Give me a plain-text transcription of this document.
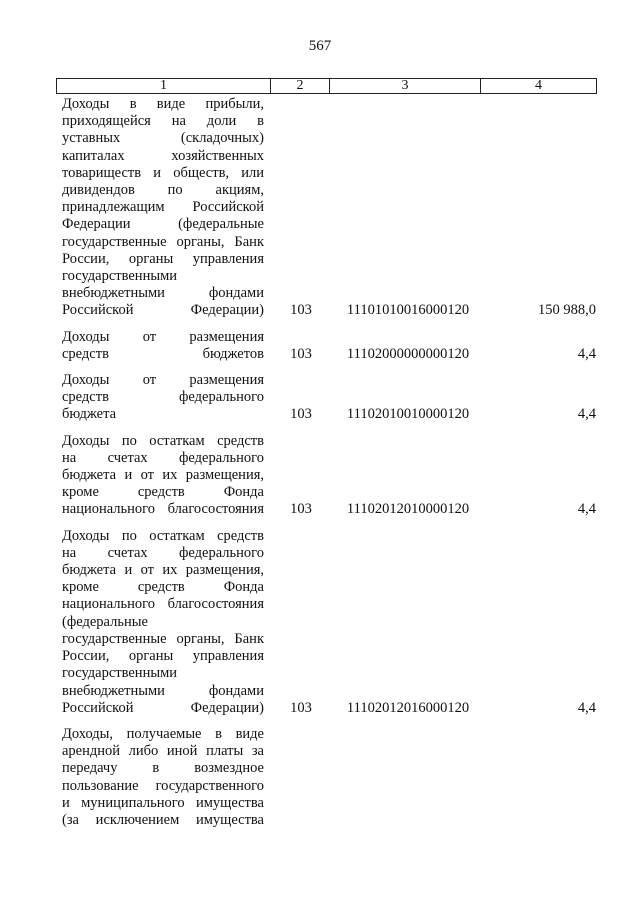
567
1	2	3	4
Доходы в виде прибыли,
приходящейся на доли в
уставных (складочных)
капиталах хозяйственных
товариществ и обществ, или
дивидендов по акциям,
принадлежащим Российской
Федерации (федеральные
государственные органы, Банк
России, органы управления
государственными
внебюджетными фондами
Российской Федерации)	103	11101010016000120	150 988,0
Доходы от размещения
средств бюджетов	103	11102000000000120	4,4
Доходы от размещения
средств федерального
бюджета	103	11102010010000120	4,4
Доходы по остаткам средств
на счетах федерального
бюджета и от их размещения,
кроме средств Фонда
национального благосостояния	103	11102012010000120	4,4
Доходы по остаткам средств
на счетах федерального
бюджета и от их размещения,
кроме средств Фонда
национального благосостояния
(федеральные
государственные органы, Банк
России, органы управления
государственными
внебюджетными фондами
Российской Федерации)	103	11102012016000120	4,4
Доходы, получаемые в виде
арендной либо иной платы за
передачу в возмездное
пользование государственного
и муниципального имущества
(за исключением имущества
